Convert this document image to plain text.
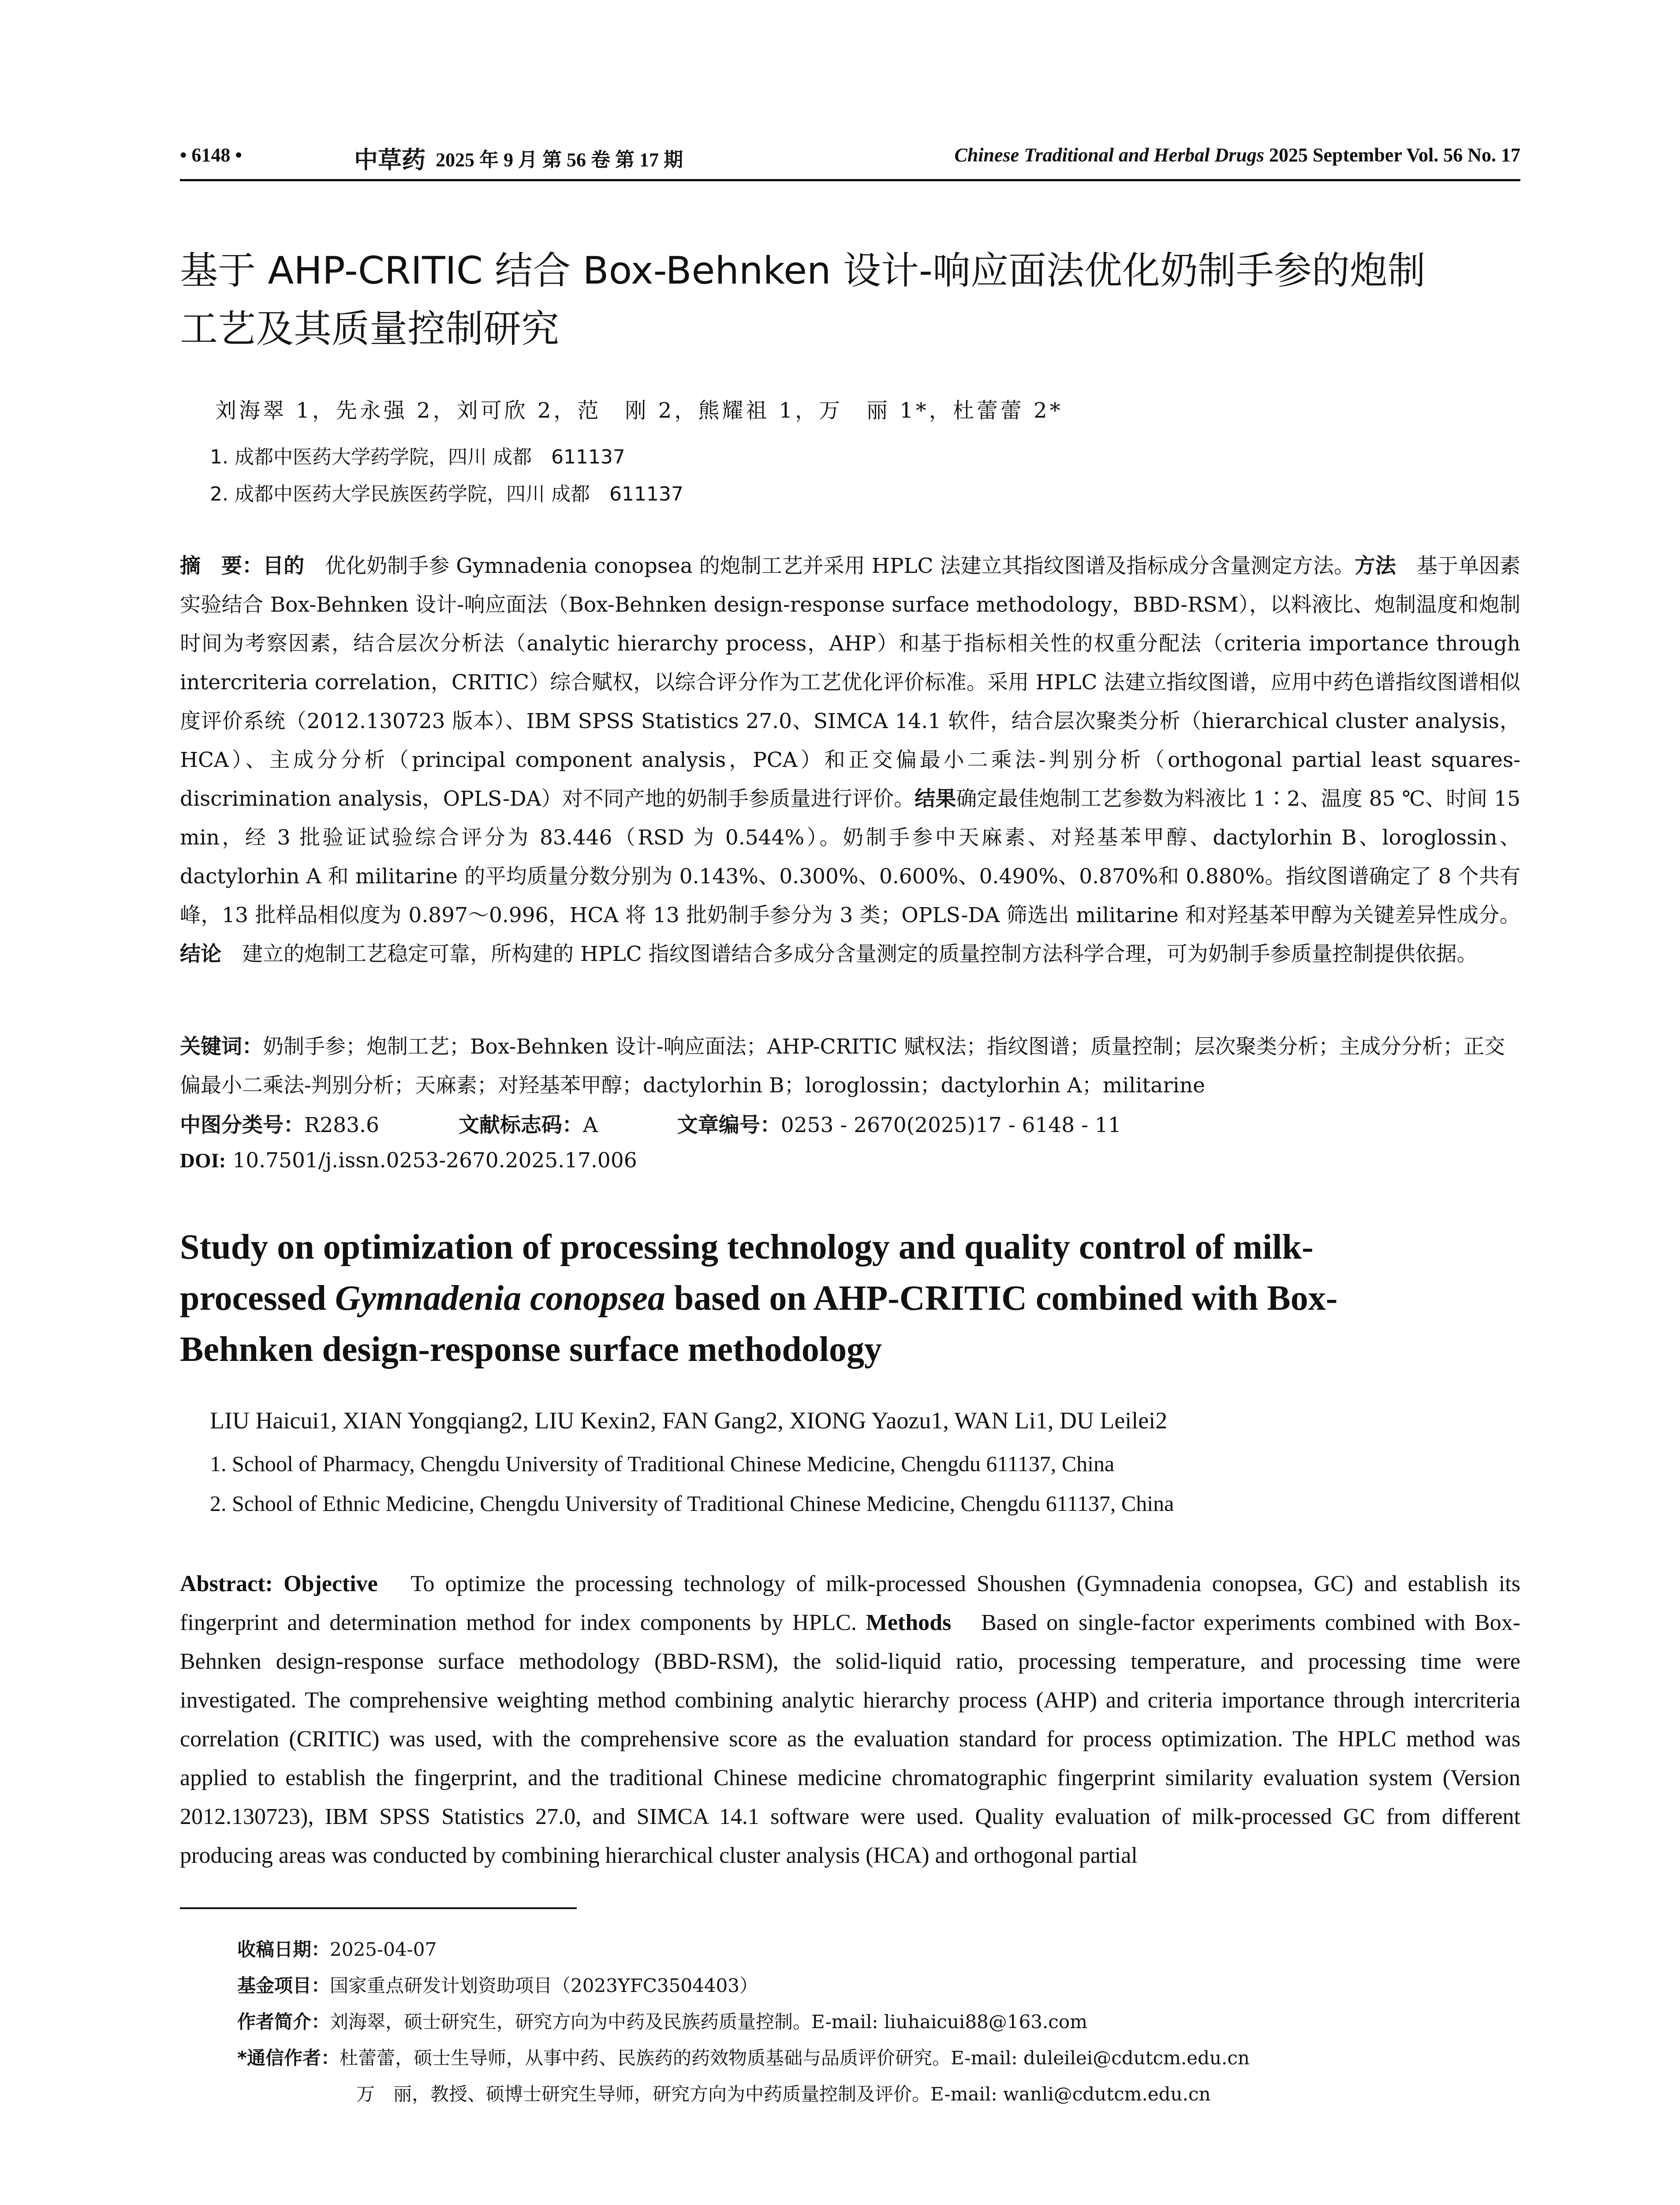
• 6148 •	中草药 2025 年 9 月 第 56 卷 第 17 期	Chinese Traditional and Herbal Drugs 2025 September Vol. 56 No. 17
基于 AHP-CRITIC 结合 Box-Behnken 设计-响应面法优化奶制手参的炮制
工艺及其质量控制研究
刘海翠 1，先永强 2，刘可欣 2，范　刚 2，熊耀祖 1，万　丽 1*，杜蕾蕾 2*
1. 成都中医药大学药学院，四川 成都　611137
2. 成都中医药大学民族医药学院，四川 成都　611137
摘　要：目的　优化奶制手参 Gymnadenia conopsea 的炮制工艺并采用 HPLC 法建立其指纹图谱及指标成分含量测定方法。方法　基于单因素实验结合 Box-Behnken 设计-响应面法（Box-Behnken design-response surface methodology，BBD-RSM），以料液比、炮制温度和炮制时间为考察因素，结合层次分析法（analytic hierarchy process，AHP）和基于指标相关性的权重分配法（criteria importance through intercriteria correlation，CRITIC）综合赋权，以综合评分作为工艺优化评价标准。采用 HPLC 法建立指纹图谱，应用中药色谱指纹图谱相似度评价系统（2012.130723 版本）、IBM SPSS Statistics 27.0、SIMCA 14.1 软件，结合层次聚类分析（hierarchical cluster analysis，HCA）、主成分分析（principal component analysis，PCA）和正交偏最小二乘法-判别分析（orthogonal partial least squares-discrimination analysis，OPLS-DA）对不同产地的奶制手参质量进行评价。结果确定最佳炮制工艺参数为料液比 1∶2、温度 85 ℃、时间 15 min，经 3 批验证试验综合评分为 83.446（RSD 为 0.544%）。奶制手参中天麻素、对羟基苯甲醇、dactylorhin B、loroglossin、dactylorhin A 和 militarine 的平均质量分数分别为 0.143%、0.300%、0.600%、0.490%、0.870%和 0.880%。指纹图谱确定了 8 个共有峰，13 批样品相似度为 0.897～0.996，HCA 将 13 批奶制手参分为 3 类；OPLS-DA 筛选出 militarine 和对羟基苯甲醇为关键差异性成分。结论　建立的炮制工艺稳定可靠，所构建的 HPLC 指纹图谱结合多成分含量测定的质量控制方法科学合理，可为奶制手参质量控制提供依据。
关键词：奶制手参；炮制工艺；Box-Behnken 设计-响应面法；AHP-CRITIC 赋权法；指纹图谱；质量控制；层次聚类分析；主成分分析；正交偏最小二乘法-判别分析；天麻素；对羟基苯甲醇；dactylorhin B；loroglossin；dactylorhin A；militarine
中图分类号：R283.6	文献标志码：A	文章编号：0253 - 2670(2025)17 - 6148 - 11
DOI: 10.7501/j.issn.0253-2670.2025.17.006
Study on optimization of processing technology and quality control of milk-
processed Gymnadenia conopsea based on AHP-CRITIC combined with Box-
Behnken design-response surface methodology
LIU Haicui1, XIAN Yongqiang2, LIU Kexin2, FAN Gang2, XIONG Yaozu1, WAN Li1, DU Leilei2
1. School of Pharmacy, Chengdu University of Traditional Chinese Medicine, Chengdu 611137, China
2. School of Ethnic Medicine, Chengdu University of Traditional Chinese Medicine, Chengdu 611137, China
Abstract: Objective　To optimize the processing technology of milk-processed Shoushen (Gymnadenia conopsea, GC) and establish its fingerprint and determination method for index components by HPLC. Methods　Based on single-factor experiments combined with Box-Behnken design-response surface methodology (BBD-RSM), the solid-liquid ratio, processing temperature, and processing time were investigated. The comprehensive weighting method combining analytic hierarchy process (AHP) and criteria importance through intercriteria correlation (CRITIC) was used, with the comprehensive score as the evaluation standard for process optimization. The HPLC method was applied to establish the fingerprint, and the traditional Chinese medicine chromatographic fingerprint similarity evaluation system (Version 2012.130723), IBM SPSS Statistics 27.0, and SIMCA 14.1 software were used. Quality evaluation of milk-processed GC from different producing areas was conducted by combining hierarchical cluster analysis (HCA) and orthogonal partial
收稿日期：2025-04-07
基金项目：国家重点研发计划资助项目（2023YFC3504403）
作者简介：刘海翠，硕士研究生，研究方向为中药及民族药质量控制。E-mail: liuhaicui88@163.com
*通信作者：杜蕾蕾，硕士生导师，从事中药、民族药的药效物质基础与品质评价研究。E-mail: duleilei@cdutcm.edu.cn
万　丽，教授、硕博士研究生导师，研究方向为中药质量控制及评价。E-mail: wanli@cdutcm.edu.cn
